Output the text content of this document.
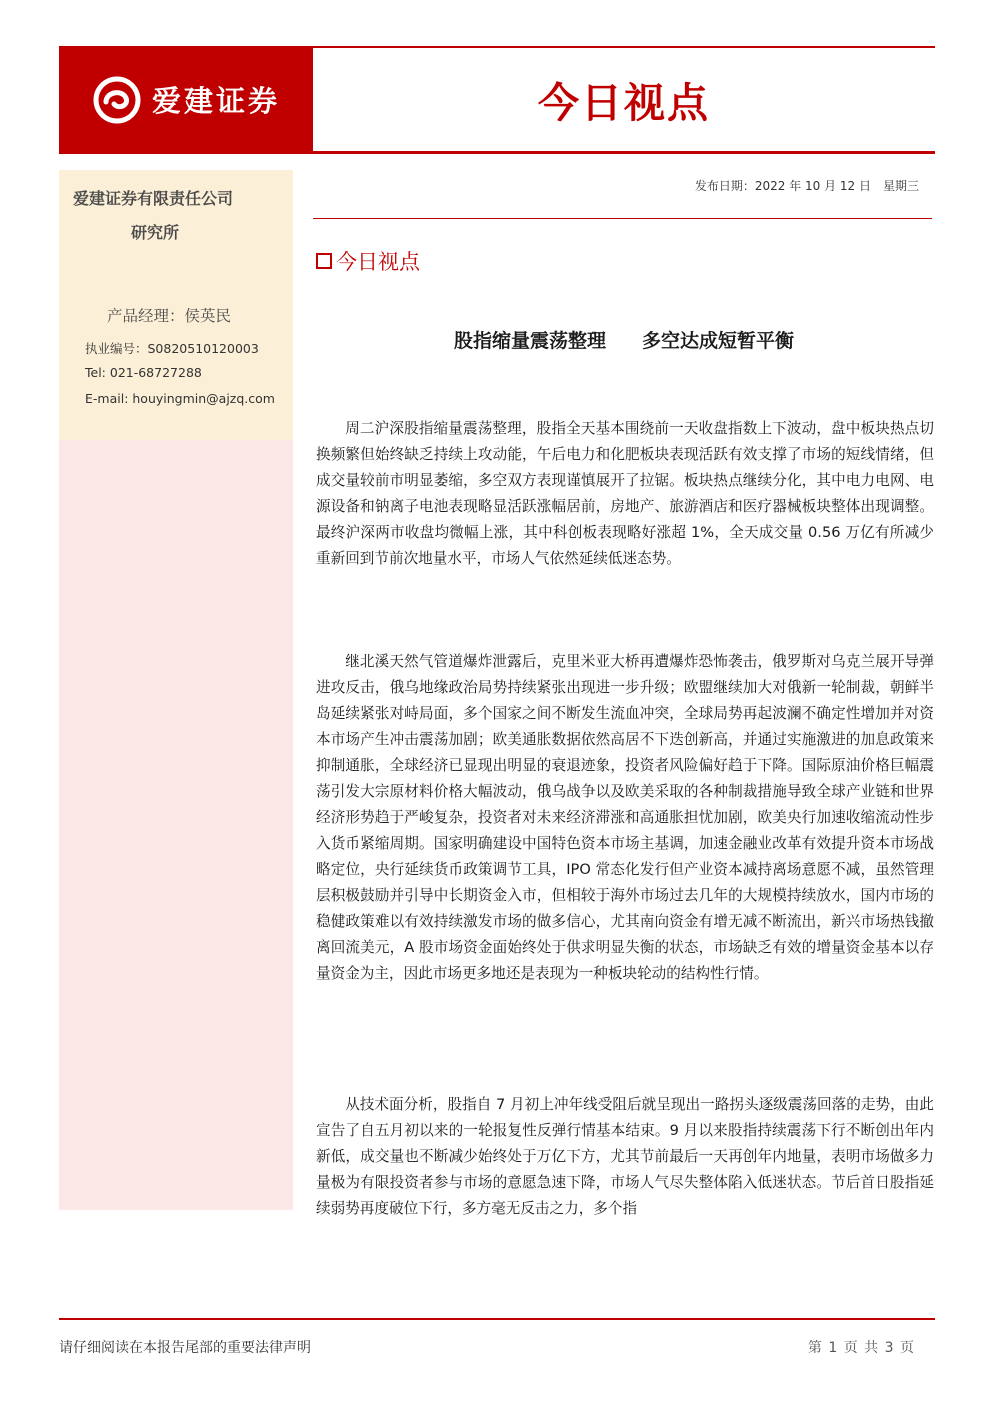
爱建证券	今日视点
爱建证券有限责任公司
研究所
产品经理：侯英民
执业编号：S0820510120003
Tel: 021-68727288
E-mail: houyingmin@ajzq.com
发布日期：2022 年 10 月 12 日　星期三
今日视点
股指缩量震荡整理 多空达成短暂平衡

周二沪深股指缩量震荡整理，股指全天基本围绕前一天收盘指数上下波动，盘中板块热点切换频繁但始终缺乏持续上攻动能，午后电力和化肥板块表现活跃有效支撑了市场的短线情绪，但成交量较前市明显萎缩，多空双方表现谨慎展开了拉锯。板块热点继续分化，其中电力电网、电源设备和钠离子电池表现略显活跃涨幅居前，房地产、旅游酒店和医疗器械板块整体出现调整。最终沪深两市收盘均微幅上涨，其中科创板表现略好涨超 1%，全天成交量 0.56 万亿有所减少重新回到节前次地量水平，市场人气依然延续低迷态势。

继北溪天然气管道爆炸泄露后，克里米亚大桥再遭爆炸恐怖袭击，俄罗斯对乌克兰展开导弹进攻反击，俄乌地缘政治局势持续紧张出现进一步升级；欧盟继续加大对俄新一轮制裁，朝鲜半岛延续紧张对峙局面，多个国家之间不断发生流血冲突，全球局势再起波澜不确定性增加并对资本市场产生冲击震荡加剧；欧美通胀数据依然高居不下迭创新高，并通过实施激进的加息政策来抑制通胀，全球经济已显现出明显的衰退迹象，投资者风险偏好趋于下降。国际原油价格巨幅震荡引发大宗原材料价格大幅波动，俄乌战争以及欧美采取的各种制裁措施导致全球产业链和世界经济形势趋于严峻复杂，投资者对未来经济滞涨和高通胀担忧加剧，欧美央行加速收缩流动性步入货币紧缩周期。国家明确建设中国特色资本市场主基调，加速金融业改革有效提升资本市场战略定位，央行延续货币政策调节工具，IPO 常态化发行但产业资本减持离场意愿不减，虽然管理层积极鼓励并引导中长期资金入市，但相较于海外市场过去几年的大规模持续放水，国内市场的稳健政策难以有效持续激发市场的做多信心，尤其南向资金有增无减不断流出，新兴市场热钱撤离回流美元，A 股市场资金面始终处于供求明显失衡的状态，市场缺乏有效的增量资金基本以存量资金为主，因此市场更多地还是表现为一种板块轮动的结构性行情。

从技术面分析，股指自 7 月初上冲年线受阻后就呈现出一路拐头逐级震荡回落的走势，由此宣告了自五月初以来的一轮报复性反弹行情基本结束。9 月以来股指持续震荡下行不断创出年内新低，成交量也不断减少始终处于万亿下方，尤其节前最后一天再创年内地量，表明市场做多力量极为有限投资者参与市场的意愿急速下降，市场人气尽失整体陷入低迷状态。节后首日股指延续弱势再度破位下行，多方毫无反击之力，多个指

请仔细阅读在本报告尾部的重要法律声明	第 1 页 共 3 页
